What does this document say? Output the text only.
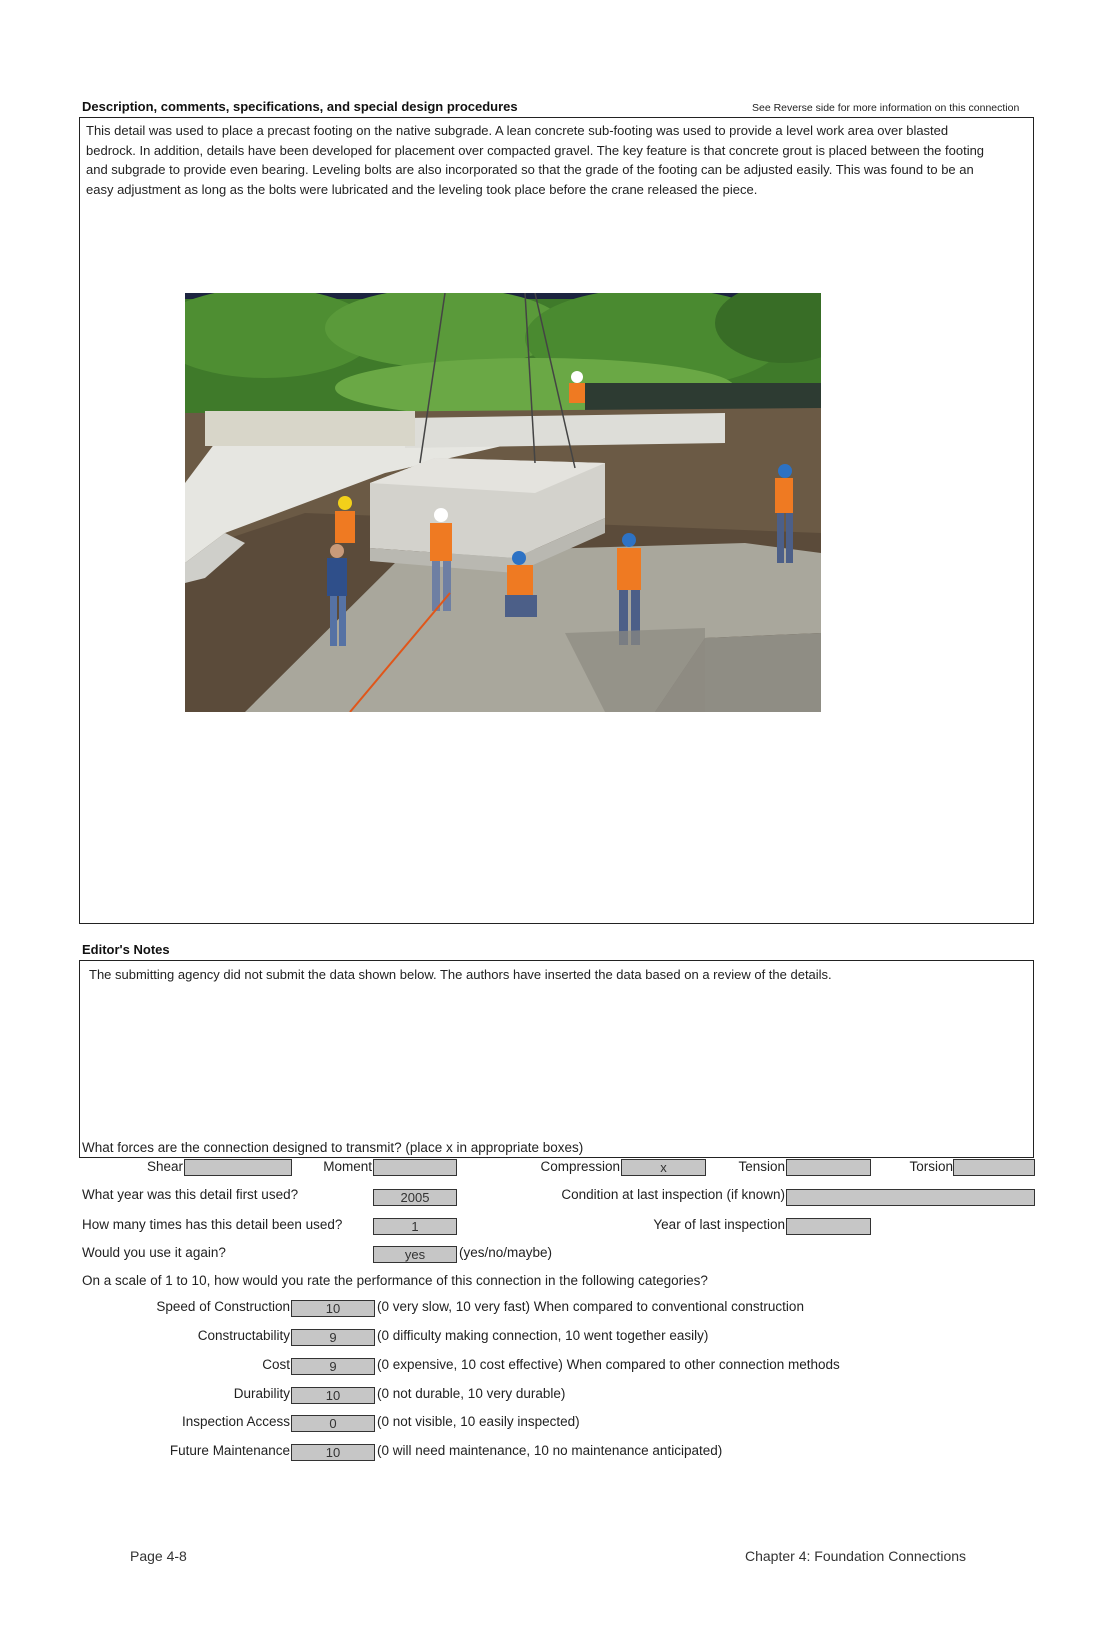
Description, comments, specifications, and special design procedures	See Reverse side for more information on this connection
This detail was used to place a precast footing on the native subgrade. A lean concrete sub-footing was used to provide a level work area over blasted bedrock. In addition, details have been developed for placement over compacted gravel. The key feature is that concrete grout is placed between the footing and subgrade to provide even bearing. Leveling bolts are also incorporated so that the grade of the footing can be adjusted easily. This was found to be an easy adjustment as long as the bolts were lubricated and the leveling took place before the crane released the piece.
Editor's Notes
The submitting agency did not submit the data shown below. The authors have inserted the data based on a review of the details.
What forces are the connection designed to transmit? (place x in appropriate boxes)
Shear	Moment	Compression	x	Tension	Torsion
What year was this detail first used?	2005	Condition at last inspection (if known)
How many times has this detail been used?	1	Year of last inspection
Would you use it again?	yes	(yes/no/maybe)
On a scale of 1 to 10, how would you rate the performance of this connection in the following categories?
Speed of Construction	10	(0 very slow, 10 very fast) When compared to conventional construction
Constructability	9	(0 difficulty making connection, 10 went together easily)
Cost	9	(0 expensive, 10 cost effective) When compared to other connection methods
Durability	10	(0 not durable, 10 very durable)
Inspection Access	0	(0 not visible, 10 easily inspected)
Future Maintenance	10	(0 will need maintenance, 10 no maintenance anticipated)
Page 4-8	Chapter 4: Foundation Connections
